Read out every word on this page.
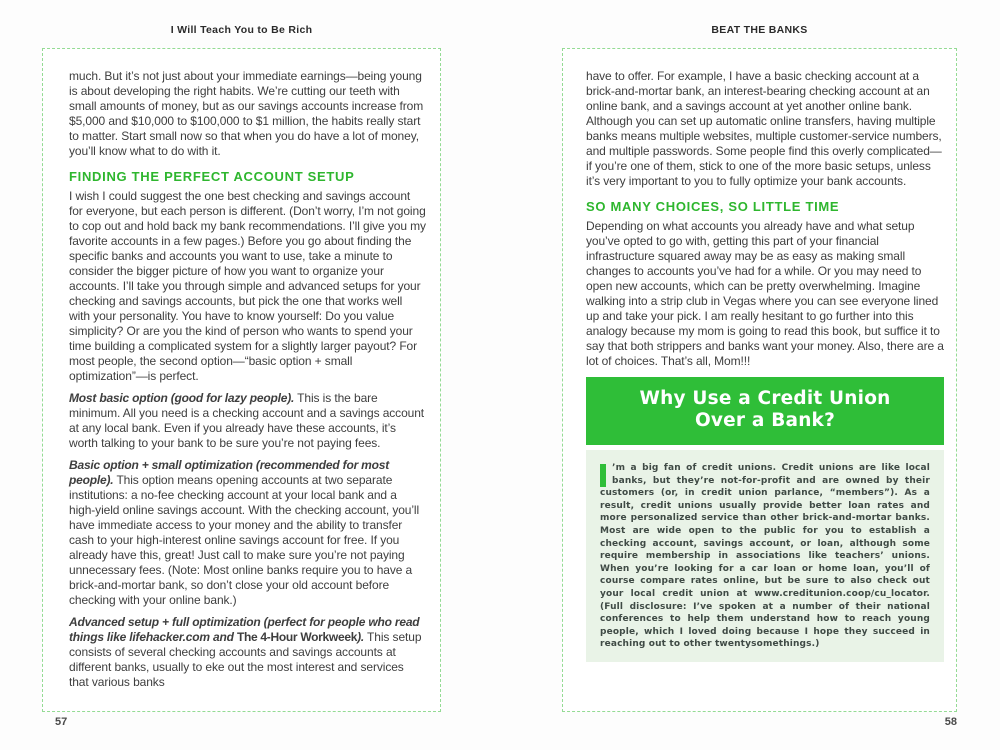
I Will Teach You to Be Rich	BEAT THE BANKS

much. But it’s not just about your immediate earnings—being young is about developing the right habits. We’re cutting our teeth with small amounts of money, but as our savings accounts increase from $5,000 and $10,000 to $100,000 to $1 million, the habits really start to matter. Start small now so that when you do have a lot of money, you’ll know what to do with it.

FINDING THE PERFECT ACCOUNT SETUP

I wish I could suggest the one best checking and savings account for everyone, but each person is different. (Don’t worry, I’m not going to cop out and hold back my bank recommendations. I’ll give you my favorite accounts in a few pages.) Before you go about finding the specific banks and accounts you want to use, take a minute to consider the bigger picture of how you want to organize your accounts. I’ll take you through simple and advanced setups for your checking and savings accounts, but pick the one that works well with your personality. You have to know yourself: Do you value simplicity? Or are you the kind of person who wants to spend your time building a complicated system for a slightly larger payout? For most people, the second option—“basic option + small optimization”—is perfect.

Most basic option (good for lazy people). This is the bare minimum. All you need is a checking account and a savings account at any local bank. Even if you already have these accounts, it’s worth talking to your bank to be sure you’re not paying fees.

Basic option + small optimization (recommended for most people). This option means opening accounts at two separate institutions: a no-fee checking account at your local bank and a high-yield online savings account. With the checking account, you’ll have immediate access to your money and the ability to transfer cash to your high-interest online savings account for free. If you already have this, great! Just call to make sure you’re not paying unnecessary fees. (Note: Most online banks require you to have a brick-and-mortar bank, so don’t close your old account before checking with your online bank.)

Advanced setup + full optimization (perfect for people who read things like lifehacker.com and The 4-Hour Workweek). This setup consists of several checking accounts and savings accounts at different banks, usually to eke out the most interest and services that various banks

have to offer. For example, I have a basic checking account at a brick-and-mortar bank, an interest-bearing checking account at an online bank, and a savings account at yet another online bank. Although you can set up automatic online transfers, having multiple banks means multiple websites, multiple customer-service numbers, and multiple passwords. Some people find this overly complicated—if you’re one of them, stick to one of the more basic setups, unless it’s very important to you to fully optimize your bank accounts.

SO MANY CHOICES, SO LITTLE TIME

Depending on what accounts you already have and what setup you’ve opted to go with, getting this part of your financial infrastructure squared away may be as easy as making small changes to accounts you’ve had for a while. Or you may need to open new accounts, which can be pretty overwhelming. Imagine walking into a strip club in Vegas where you can see everyone lined up and take your pick. I am really hesitant to go further into this analogy because my mom is going to read this book, but suffice it to say that both strippers and banks want your money. Also, there are a lot of choices. That’s all, Mom!!!

Why Use a Credit Union
Over a Bank?
’m a big fan of credit unions. Credit unions are like local banks, but they’re not-for-profit and are owned by their customers (or, in credit union parlance, “members”). As a result, credit unions usually provide better loan rates and more personalized service than other brick-and-mortar banks. Most are wide open to the public for you to establish a checking account, savings account, or loan, although some require membership in associations like teachers’ unions. When you’re looking for a car loan or home loan, you’ll of course compare rates online, but be sure to also check out your local credit union at www.creditunion.coop/cu_locator. (Full disclosure: I’ve spoken at a number of their national conferences to help them understand how to reach young people, which I loved doing because I hope they succeed in reaching out to other twentysomethings.)
57	58
